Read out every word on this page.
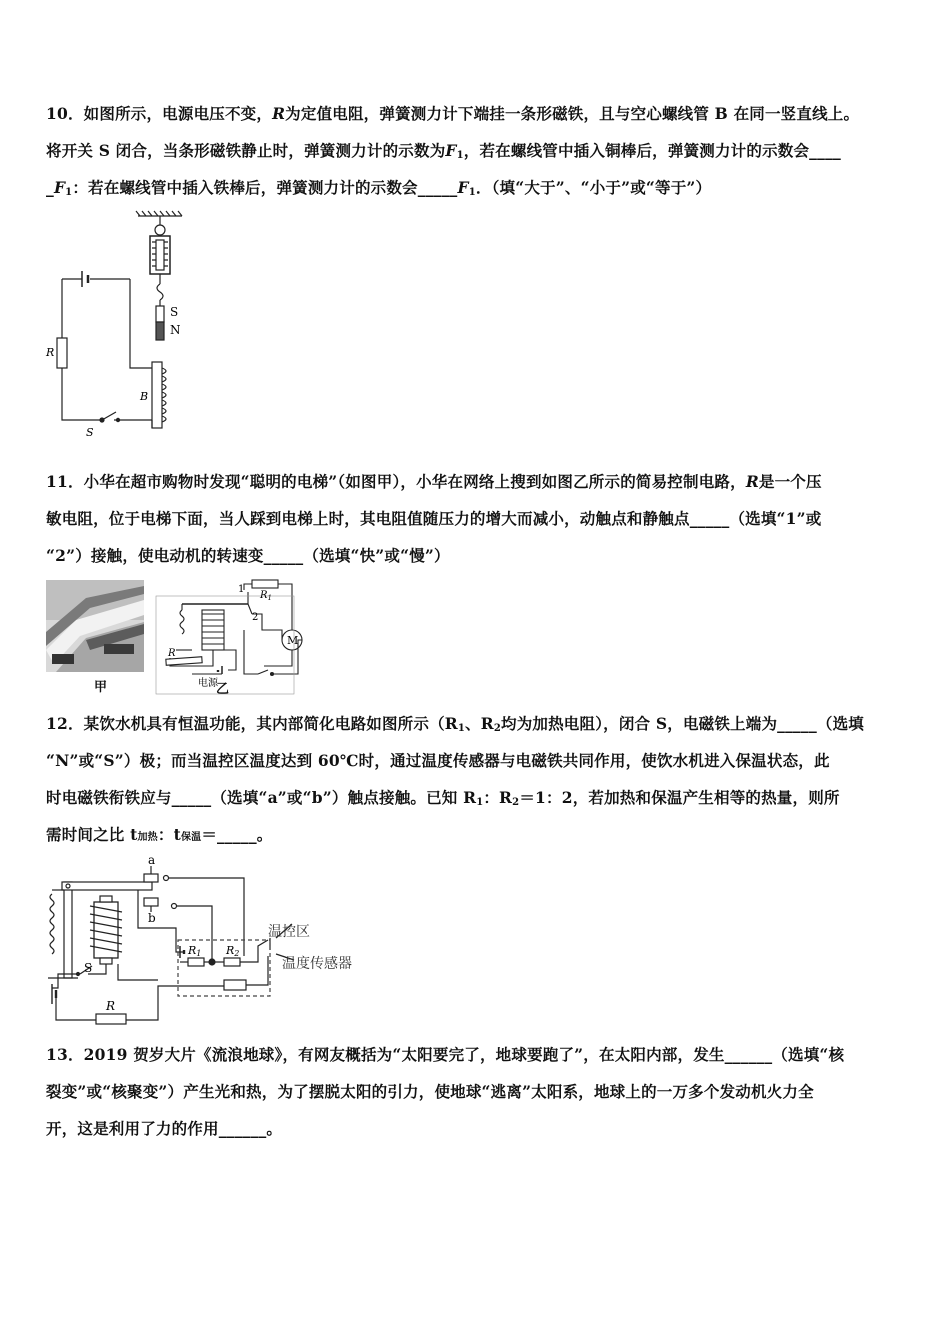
10．如图所示，电源电压不变，R为定值电阻，弹簧测力计下端挂一条形磁铁，且与空心螺线管 B 在同一竖直线上。
将开关 S 闭合，当条形磁铁静止时，弹簧测力计的示数为$F_1$，若在螺线管中插入铜棒后，弹簧测力计的示数会____
$\_F_1$：若在螺线管中插入铁棒后，弹簧测力计的示数会$\_\_\_\_\_F_1$．（填“大于”、“小于”或“等于”）
S
N
R
B
S
11．小华在超市购物时发现“聪明的电梯”（如图甲），小华在网络上搜到如图乙所示的简易控制电路，R是一个压
敏电阻，位于电梯下面，当人踩到电梯上时，其电阻值随压力的增大而减小，动触点和静触点_____（选填“1”或
“2”）接触，使电动机的转速变_____（选填“快”或“慢”）
甲
1
2
$R_1$
M
R
电源
乙
12．某饮水机具有恒温功能，其内部简化电路如图所示（$R_1$、$R_2$均为加热电阻），闭合 S，电磁铁上端为_____（选填
“N”或“S”）极；而当温控区温度达到 60℃时，通过温度传感器与电磁铁共同作用，使饮水机进入保温状态，此
时电磁铁衔铁应与_____（选填“a”或“b”）触点接触。已知 $R_1$：$R_2=1$：2，若加热和保温产生相等的热量，则所
需时间之比 t加热：t保温＝_____。
a
b
R1 R2
温控区
温度传感器
S
R
13．2019 贺岁大片《流浪地球》，有网友概括为“太阳要完了，地球要跑了”，在太阳内部，发生______（选填“核
裂变”或“核聚变”）产生光和热，为了摆脱太阳的引力，使地球“逃离”太阳系，地球上的一万多个发动机火力全
开，这是利用了力的作用______。
